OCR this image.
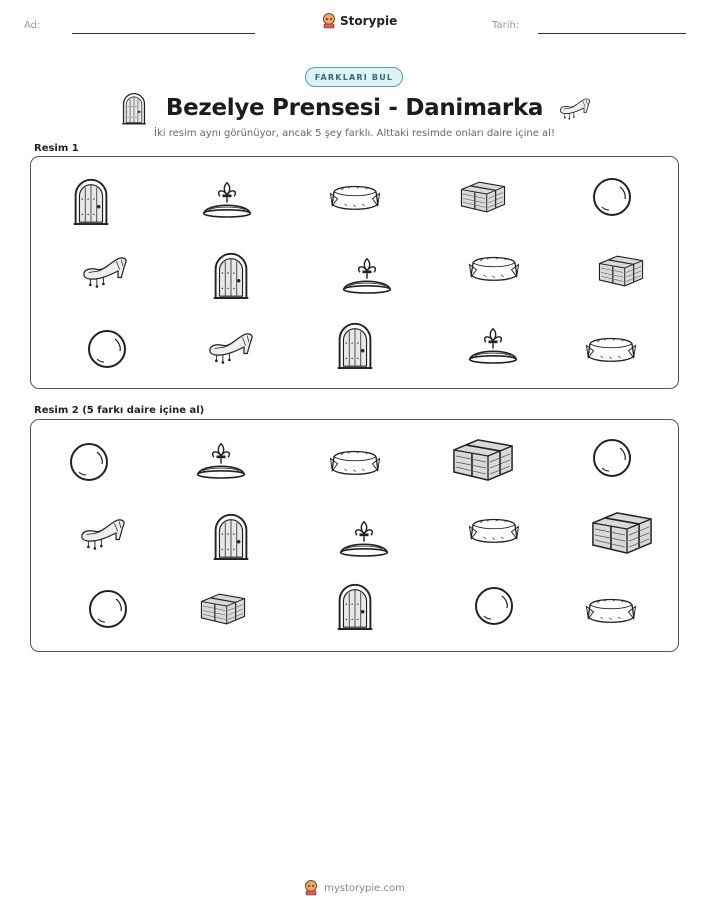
Ad:	Storypie	Tarih:
FARKLARI BUL
Bezelye Prensesi - Danimarka
İki resim aynı görünüyor, ancak 5 şey farklı. Alttaki resimde onları daire içine al!
Resim 1
Resim 2 (5 farkı daire içine al)
mystorypie.com
